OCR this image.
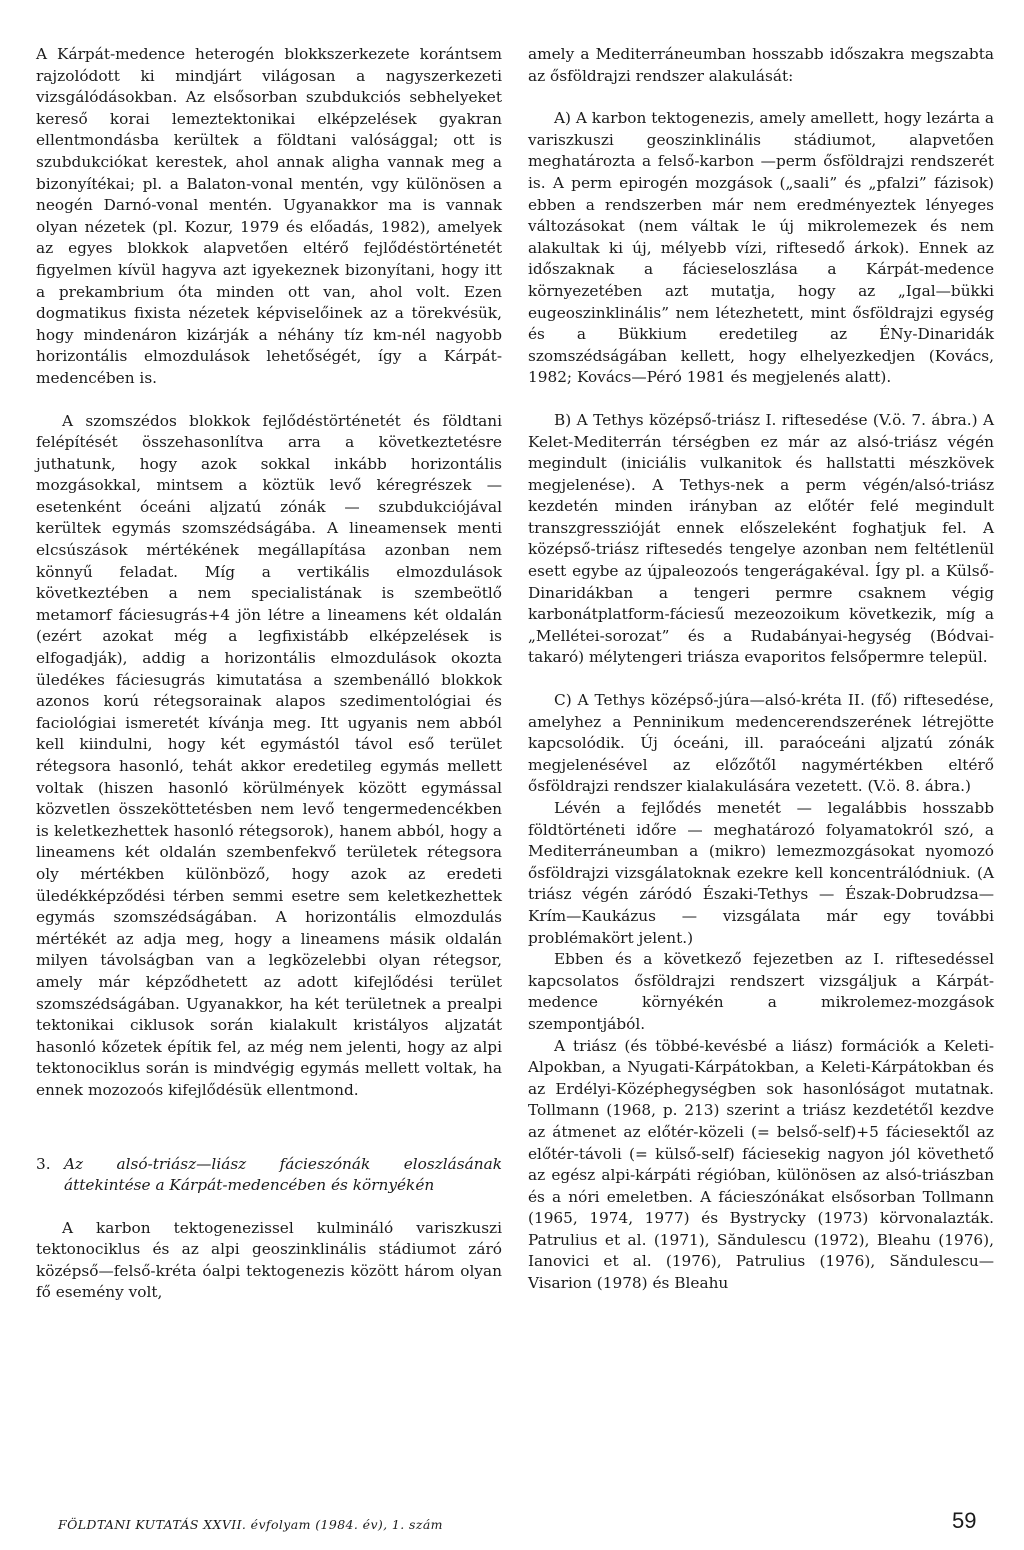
A Kárpát-medence heterogén blokkszerkezete korántsem rajzolódott ki mindjárt világosan a nagyszerkezeti vizsgálódásokban. Az elsősorban szubdukciós sebhelyeket kereső korai lemeztektonikai elképzelések gyakran ellentmondásba kerültek a földtani valósággal; ott is szubdukciókat kerestek, ahol annak aligha vannak meg a bizonyítékai; pl. a Balaton-vonal mentén, vgy különösen a neogén Darnó-vonal mentén. Ugyanakkor ma is vannak olyan nézetek (pl. Kozur, 1979 és előadás, 1982), amelyek az egyes blokkok alapvetően eltérő fejlődéstörténetét figyelmen kívül hagyva azt igyekeznek bizonyítani, hogy itt a prekambrium óta minden ott van, ahol volt. Ezen dogmatikus fixista nézetek képviselőinek az a törekvésük, hogy mindenáron kizárják a néhány tíz km-nél nagyobb horizontális elmozdulások lehetőségét, így a Kárpát-medencében is.

A szomszédos blokkok fejlődéstörténetét és földtani felépítését összehasonlítva arra a következtetésre juthatunk, hogy azok sokkal inkább horizontális mozgásokkal, mintsem a köztük levő kéregrészek — esetenként óceáni aljzatú zónák — szubdukciójával kerültek egymás szomszédságába. A lineamensek menti elcsúszások mértékének megállapítása azonban nem könnyű feladat. Míg a vertikális elmozdulások következtében a nem specialistának is szembeötlő metamorf fáciesugrás+4 jön létre a lineamens két oldalán (ezért azokat még a legfixistább elképzelések is elfogadják), addig a horizontális elmozdulások okozta üledékes fáciesugrás kimutatása a szembenálló blokkok azonos korú rétegsorainak alapos szedimentológiai és faciológiai ismeretét kívánja meg. Itt ugyanis nem abból kell kiindulni, hogy két egymástól távol eső terület rétegsora hasonló, tehát akkor eredetileg egymás mellett voltak (hiszen hasonló körülmények között egymással közvetlen összeköttetésben nem levő tengermedencékben is keletkezhettek hasonló rétegsorok), hanem abból, hogy a lineamens két oldalán szembenfekvő területek rétegsora oly mértékben különböző, hogy azok az eredeti üledékképződési térben semmi esetre sem keletkezhettek egymás szomszédságában. A horizontális elmozdulás mértékét az adja meg, hogy a lineamens másik oldalán milyen távolságban van a legközelebbi olyan rétegsor, amely már képződhetett az adott kifejlődési terület szomszédságában. Ugyanakkor, ha két területnek a prealpi tektonikai ciklusok során kialakult kristályos aljzatát hasonló kőzetek építik fel, az még nem jelenti, hogy az alpi tektonociklus során is mindvégig egymás mellett voltak, ha ennek mozozoós kifejlődésük ellentmond.

3. Az alsó-triász—liász fácieszónák eloszlásának áttekintése a Kárpát-medencében és környékén

A karbon tektogenezissel kulmináló variszkuszi tektonociklus és az alpi geoszinklinális stádiumot záró középső—felső-kréta óalpi tektogenezis között három olyan fő esemény volt,

amely a Mediterráneumban hosszabb időszakra megszabta az ősföldrajzi rendszer alakulását:

A) A karbon tektogenezis, amely amellett, hogy lezárta a variszkuszi geoszinklinális stádiumot, alapvetően meghatározta a felső-karbon —perm ősföldrajzi rendszerét is. A perm epirogén mozgások („saali” és „pfalzi” fázisok) ebben a rendszerben már nem eredményeztek lényeges változásokat (nem váltak le új mikrolemezek és nem alakultak ki új, mélyebb vízi, riftesedő árkok). Ennek az időszaknak a fácieseloszlása a Kárpát-medence környezetében azt mutatja, hogy az „Igal—bükki eugeoszinklinális” nem létezhetett, mint ősföldrajzi egység és a Bükkium eredetileg az ÉNy-Dinaridák szomszédságában kellett, hogy elhelyezkedjen (Kovács, 1982; Kovács—Péró 1981 és megjelenés alatt).

B) A Tethys középső-triász I. riftesedése (V.ö. 7. ábra.) A Kelet-Mediterrán térségben ez már az alsó-triász végén megindult (iniciális vulkanitok és hallstatti mészkövek megjelenése). A Tethys-nek a perm végén/alsó-triász kezdetén minden irányban az előtér felé megindult transzgresszióját ennek előszeleként foghatjuk fel. A középső-triász riftesedés tengelye azonban nem feltétlenül esett egybe az újpaleozoós tengerágakéval. Így pl. a Külső-Dinaridákban a tengeri permre csaknem végig karbonátplatform-fáciesű mezeozoikum következik, míg a „Mellétei-sorozat” és a Rudabányai-hegység (Bódvai-takaró) mélytengeri triásza evaporitos felsőpermre települ.

C) A Tethys középső-júra—alsó-kréta II. (fő) riftesedése, amelyhez a Penninikum medencerendszerének létrejötte kapcsolódik. Új óceáni, ill. paraóceáni aljzatú zónák megjelenésével az előzőtől nagymértékben eltérő ősföldrajzi rendszer kialakulására vezetett. (V.ö. 8. ábra.)

Lévén a fejlődés menetét — legalábbis hosszabb földtörténeti időre — meghatározó folyamatokról szó, a Mediterráneumban a (mikro) lemezmozgásokat nyomozó ősföldrajzi vizsgálatoknak ezekre kell koncentrálódniuk. (A triász végén záródó Északi-Tethys — Észak-Dobrudzsa—Krím—Kaukázus — vizsgálata már egy további problémakört jelent.)

Ebben és a következő fejezetben az I. riftesedéssel kapcsolatos ősföldrajzi rendszert vizsgáljuk a Kárpát-medence környékén a mikrolemez-mozgások szempontjából.

A triász (és többé-kevésbé a liász) formációk a Keleti-Alpokban, a Nyugati-Kárpátokban, a Keleti-Kárpátokban és az Erdélyi-Középhegységben sok hasonlóságot mutatnak. Tollmann (1968, p. 213) szerint a triász kezdetétől kezdve az átmenet az előtér-közeli (= belső-self)+5 fáciesektől az előtér-távoli (= külső-self) fáciesekig nagyon jól követhető az egész alpi-kárpáti régióban, különösen az alsó-triászban és a nóri emeletben. A fácieszónákat elsősorban Tollmann (1965, 1974, 1977) és Bystrycky (1973) körvonalazták. Patrulius et al. (1971), Săndulescu (1972), Bleahu (1976), Ianovici et al. (1976), Patrulius (1976), Săndulescu—Visarion (1978) és Bleahu

FÖLDTANI KUTATÁS XXVII. évfolyam (1984. év), 1. szám	59
